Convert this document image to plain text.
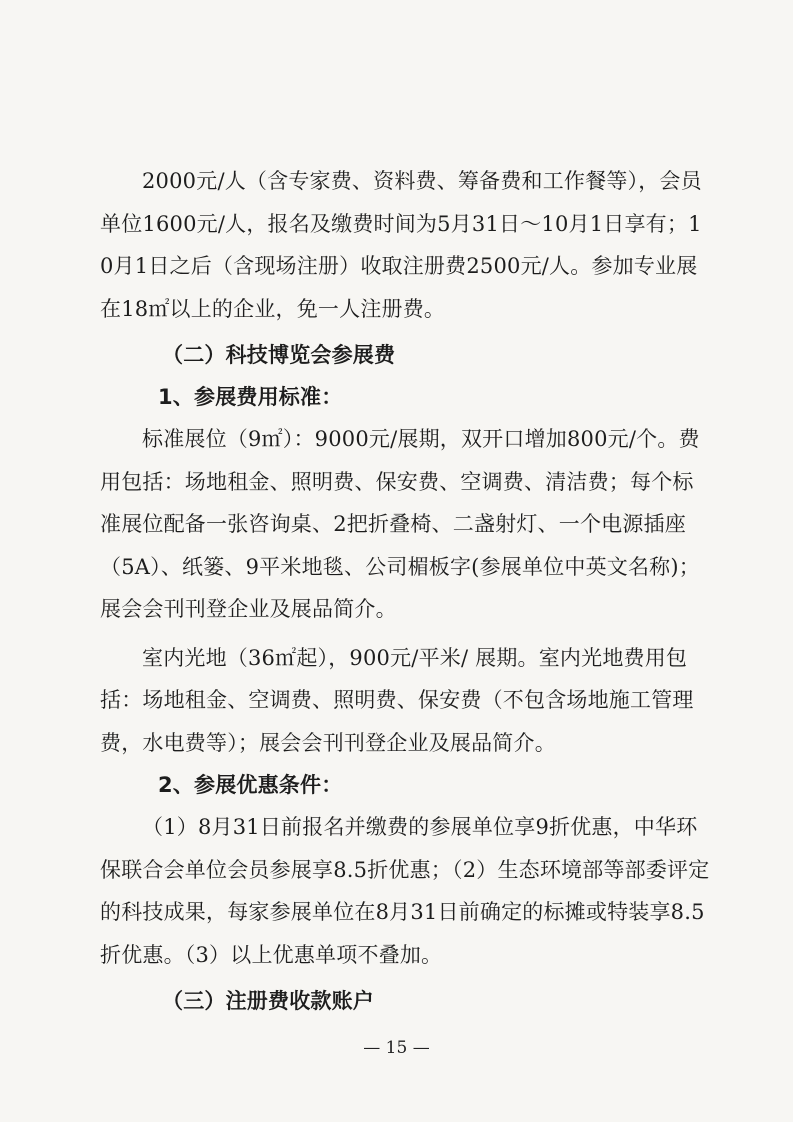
2000元/人（含专家费、资料费、筹备费和工作餐等），会员单位1600元/人，报名及缴费时间为5月31日～10月1日享有；10月1日之后（含现场注册）收取注册费2500元/人。参加专业展在18㎡以上的企业，免一人注册费。

（二）科技博览会参展费

1、参展费用标准：

标准展位（9㎡）：9000元/展期，双开口增加800元/个。费用包括：场地租金、照明费、保安费、空调费、清洁费；每个标准展位配备一张咨询桌、2把折叠椅、二盏射灯、一个电源插座（5A）、纸篓、9平米地毯、公司楣板字(参展单位中英文名称)；展会会刊刊登企业及展品简介。

室内光地（36㎡起），900元/平米/ 展期。室内光地费用包括：场地租金、空调费、照明费、保安费（不包含场地施工管理费，水电费等）；展会会刊刊登企业及展品简介。

2、参展优惠条件：

（1）8月31日前报名并缴费的参展单位享9折优惠，中华环保联合会单位会员参展享8.5折优惠；（2）生态环境部等部委评定的科技成果，每家参展单位在8月31日前确定的标摊或特装享8.5折优惠。（3）以上优惠单项不叠加。

（三）注册费收款账户

— 15 —
